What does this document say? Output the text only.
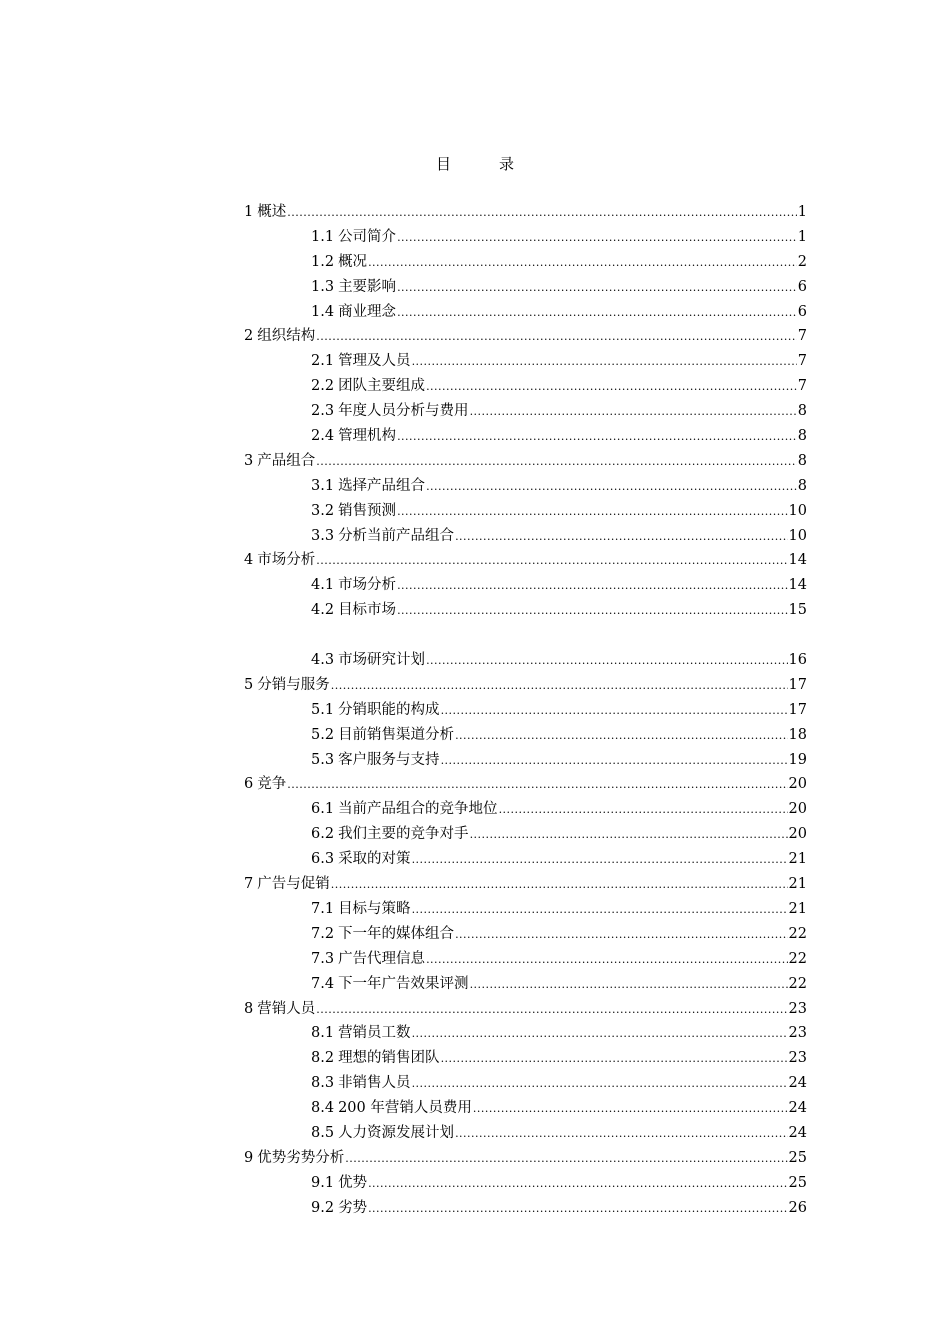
目	录
1 概述 .....	1
1.1 公司简介 .....	1
1.2 概况 .....	2
1.3 主要影响 .....	6
1.4 商业理念 .....	6
2 组织结构 .....	7
2.1 管理及人员 .....	7
2.2 团队主要组成 .....	7
2.3 年度人员分析与费用 .....	8
2.4 管理机构 .....	8
3 产品组合 .....	8
3.1 选择产品组合 .....	8
3.2 销售预测 .....	10
3.3 分析当前产品组合 .....	10
4 市场分析 .....	14
4.1 市场分析 .....	14
4.2 目标市场 .....	15
4.3 市场研究计划 .....	16
5 分销与服务 .....	17
5.1 分销职能的构成 .....	17
5.2 目前销售渠道分析 .....	18
5.3 客户服务与支持 .....	19
6 竞争 .....	20
6.1 当前产品组合的竞争地位 .....	20
6.2 我们主要的竞争对手 .....	20
6.3 采取的对策 .....	21
7 广告与促销 .....	21
7.1 目标与策略 .....	21
7.2 下一年的媒体组合 .....	22
7.3 广告代理信息 .....	22
7.4 下一年广告效果评测 .....	22
8 营销人员 .....	23
8.1 营销员工数 .....	23
8.2 理想的销售团队 .....	23
8.3 非销售人员 .....	24
8.4 200 年营销人员费用 .....	24
8.5 人力资源发展计划 .....	24
9 优势劣势分析 .....	25
9.1 优势 .....	25
9.2 劣势 .....	26
